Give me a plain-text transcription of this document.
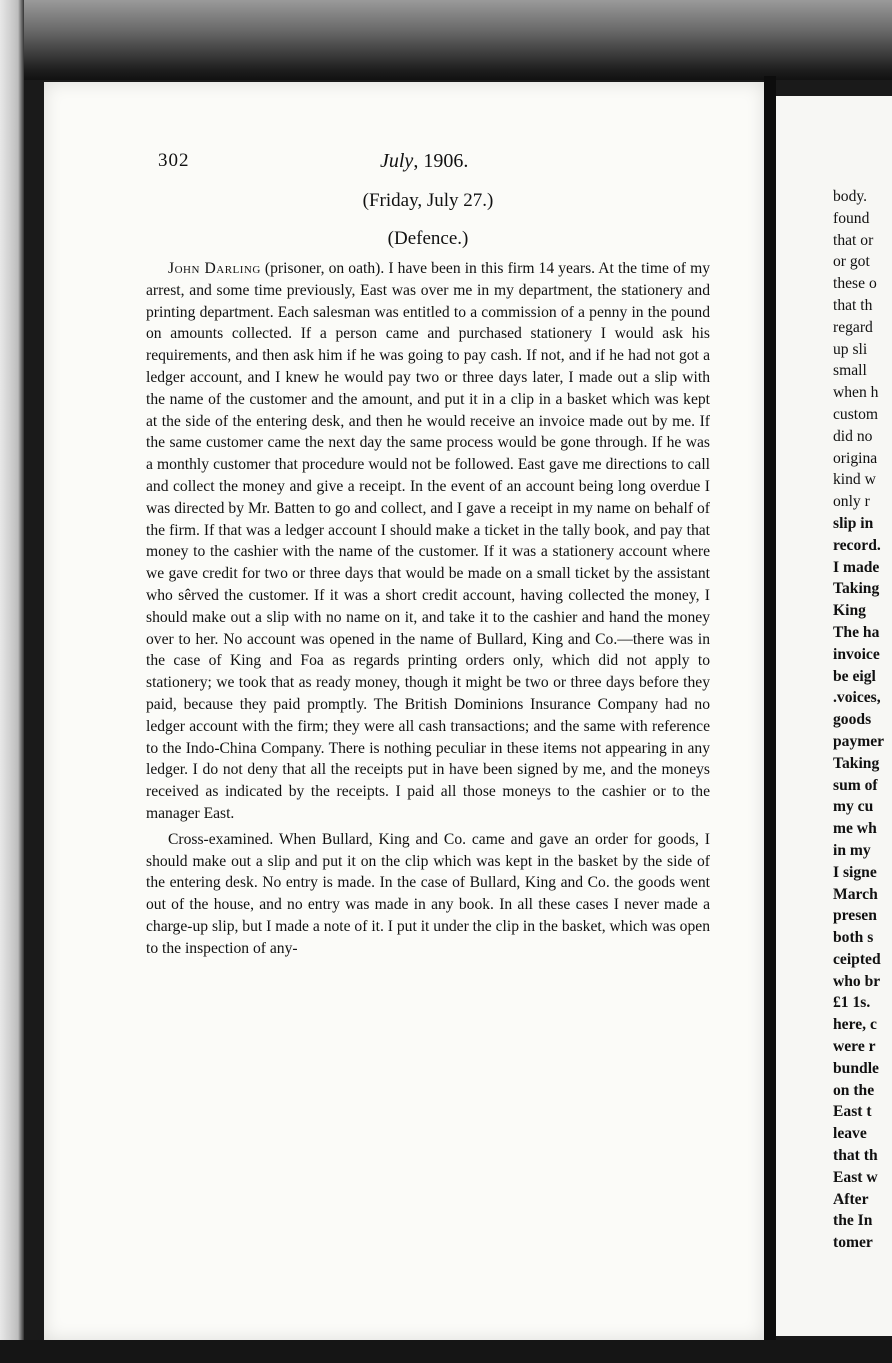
302	July, 1906.
(Friday, July 27.)
(Defence.)

John Darling (prisoner, on oath). I have been in this firm 14 years. At the time of my arrest, and some time previously, East was over me in my department, the stationery and printing department. Each salesman was entitled to a commission of a penny in the pound on amounts collected. If a person came and purchased stationery I would ask his requirements, and then ask him if he was going to pay cash. If not, and if he had not got a ledger account, and I knew he would pay two or three days later, I made out a slip with the name of the customer and the amount, and put it in a clip in a basket which was kept at the side of the entering desk, and then he would receive an invoice made out by me. If the same customer came the next day the same process would be gone through. If he was a monthly customer that procedure would not be followed. East gave me directions to call and collect the money and give a receipt. In the event of an account being long overdue I was directed by Mr. Batten to go and collect, and I gave a receipt in my name on behalf of the firm. If that was a ledger account I should make a ticket in the tally book, and pay that money to the cashier with the name of the customer. If it was a stationery account where we gave credit for two or three days that would be made on a small ticket by the assistant who sêrved the customer. If it was a short credit account, having collected the money, I should make out a slip with no name on it, and take it to the cashier and hand the money over to her. No account was opened in the name of Bullard, King and Co.—there was in the case of King and Foa as regards printing orders only, which did not apply to stationery; we took that as ready money, though it might be two or three days before they paid, because they paid promptly. The British Dominions Insurance Company had no ledger account with the firm; they were all cash transactions; and the same with reference to the Indo-China Company. There is nothing peculiar in these items not appearing in any ledger. I do not deny that all the receipts put in have been signed by me, and the moneys received as indicated by the receipts. I paid all those moneys to the cashier or to the manager East.

Cross-examined. When Bullard, King and Co. came and gave an order for goods, I should make out a slip and put it on the clip which was kept in the basket by the side of the entering desk. No entry is made. In the case of Bullard, King and Co. the goods went out of the house, and no entry was made in any book. In all these cases I never made a charge-up slip, but I made a note of it. I put it under the clip in the basket, which was open to the inspection of any-

body.
found
that or
or got
these o
that th
regard
up sli
small
when h
custom
did no
origina
kind w
only r
slip in
record.
I made
Taking
King
The ha
invoice
be eigl
.voices,
goods
paymer
Taking
sum of
my cu
me wh
in my
I signe
March
presen
both s
ceipted
who br
£1 1s.
here, c
were r
bundle
on the
East t
leave
that th
East w
After
the In
tomer
